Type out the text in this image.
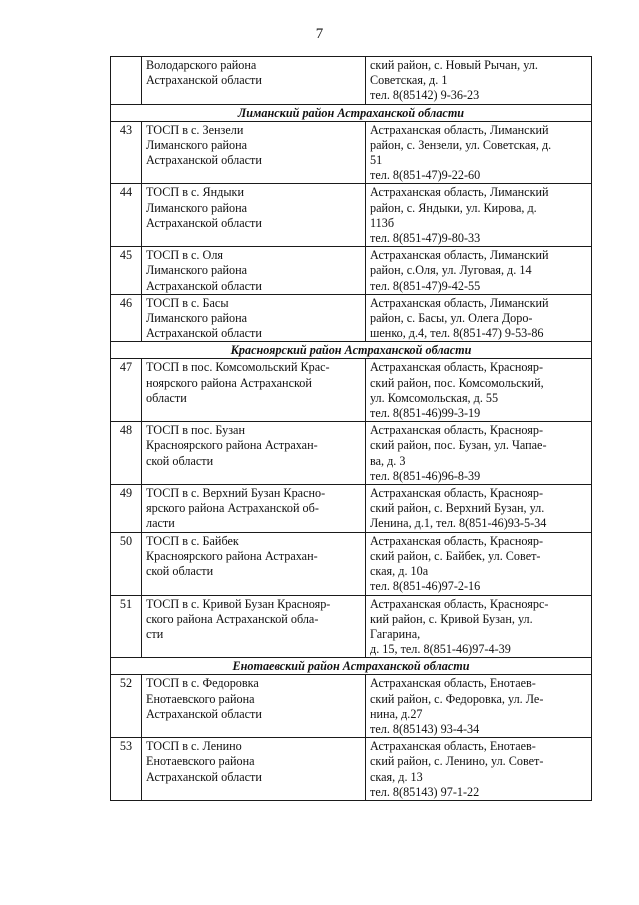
7
	Володарского района
Астраханской области	ский район, с. Новый Рычан, ул.
Советская, д. 1
тел. 8(85142) 9-36-23
Лиманский район Астраханской области		
43	ТОСП в с. Зензели
Лиманского района
Астраханской области	Астраханская область, Лиманский
район, с. Зензели, ул. Советская, д.
51
тел. 8(851-47)9-22-60
44	ТОСП в с. Яндыки
Лиманского района
Астраханской области	Астраханская область, Лиманский
район, с. Яндыки, ул. Кирова, д.
113б
тел. 8(851-47)9-80-33
45	ТОСП в с. Оля
Лиманского района
Астраханской области	Астраханская область, Лиманский
район, с.Оля, ул. Луговая, д. 14
тел. 8(851-47)9-42-55
46	ТОСП в с. Басы
Лиманского района
Астраханской области	Астраханская область, Лиманский
район, с. Басы, ул. Олега Доро-
шенко, д.4, тел. 8(851-47) 9-53-86
Красноярский район Астраханской области		
47	ТОСП в пос. Комсомольский Крас-
ноярского района Астраханской
области	Астраханская область, Краснояр-
ский район, пос. Комсомольский,
ул. Комсомольская, д. 55
тел. 8(851-46)99-3-19
48	ТОСП в пос. Бузан
Красноярского района Астрахан-
ской области	Астраханская область, Краснояр-
ский район, пос. Бузан, ул. Чапае-
ва, д. 3
тел. 8(851-46)96-8-39
49	ТОСП в с. Верхний Бузан Красно-
ярского района Астраханской об-
ласти	Астраханская область, Краснояр-
ский район, с. Верхний Бузан, ул.
Ленина, д.1, тел. 8(851-46)93-5-34
50	ТОСП в с. Байбек
Красноярского района Астрахан-
ской области	Астраханская область, Краснояр-
ский район, с. Байбек, ул. Совет-
ская, д. 10а
тел. 8(851-46)97-2-16
51	ТОСП в с. Кривой Бузан Краснояр-
ского района Астраханской обла-
сти	Астраханская область, Красноярс-
кий район, с. Кривой Бузан, ул.
Гагарина,
д. 15, тел. 8(851-46)97-4-39
Енотаевский район Астраханской области		
52	ТОСП в с. Федоровка
Енотаевского района
Астраханской области	Астраханская область, Енотаев-
ский район, с. Федоровка, ул. Ле-
нина, д.27
тел. 8(85143) 93-4-34
53	ТОСП в с. Ленино
Енотаевского района
Астраханской области	Астраханская область, Енотаев-
ский район, с. Ленино, ул. Совет-
ская, д. 13
тел. 8(85143) 97-1-22
